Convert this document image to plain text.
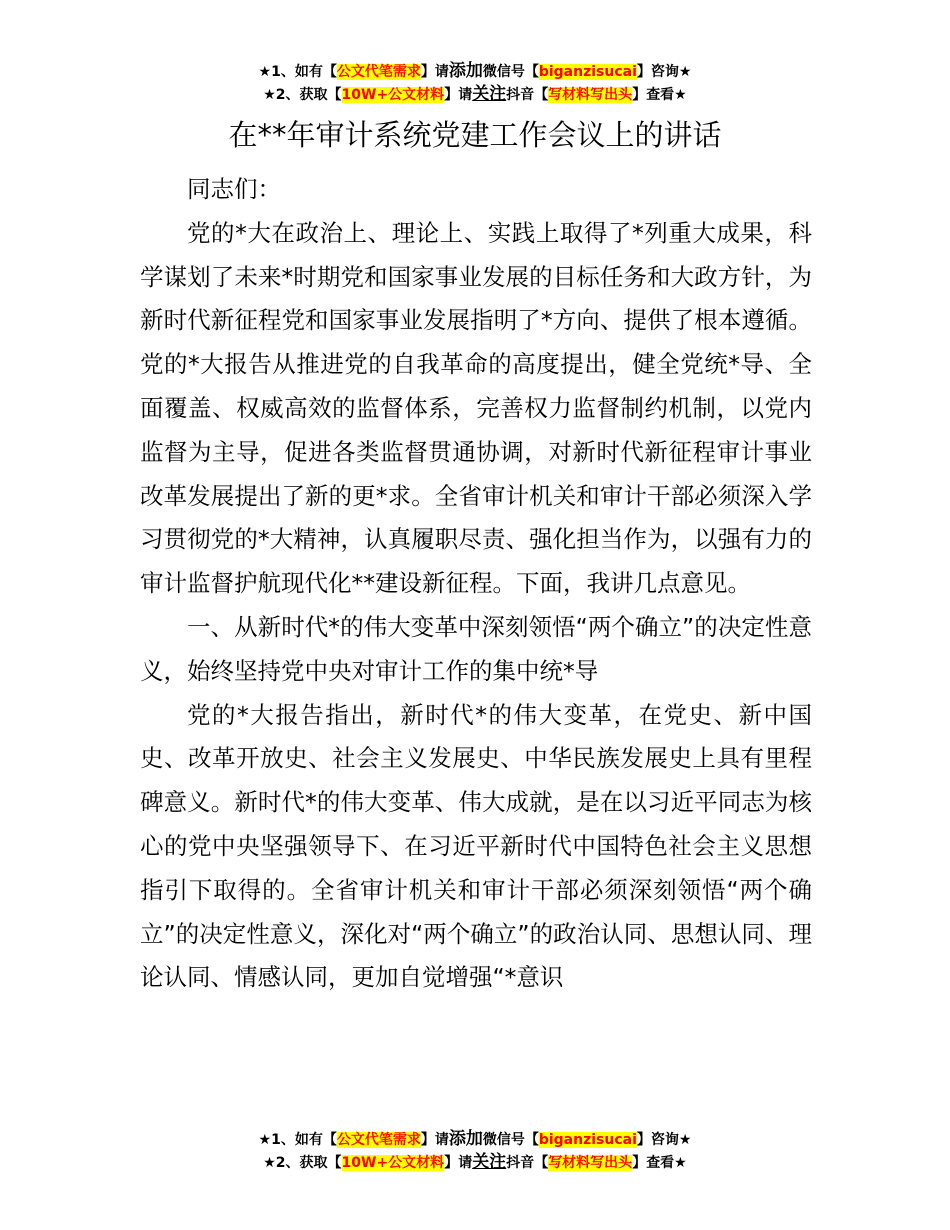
★1、如有【公文代笔需求】请添加微信号【biganzisucai】咨询★
★2、获取【10W+公文材料】请关注抖音【写材料写出头】查看★
在**年审计系统党建工作会议上的讲话

同志们：

党的*大在政治上、理论上、实践上取得了*列重大成果，科学谋划了未来*时期党和国家事业发展的目标任务和大政方针，为新时代新征程党和国家事业发展指明了*方向、提供了根本遵循。党的*大报告从推进党的自我革命的高度提出，健全党统*导、全面覆盖、权威高效的监督体系，完善权力监督制约机制，以党内监督为主导，促进各类监督贯通协调，对新时代新征程审计事业改革发展提出了新的更*求。全省审计机关和审计干部必须深入学习贯彻党的*大精神，认真履职尽责、强化担当作为，以强有力的审计监督护航现代化**建设新征程。下面，我讲几点意见。

一、从新时代*的伟大变革中深刻领悟“两个确立”的决定性意义，始终坚持党中央对审计工作的集中统*导

党的*大报告指出，新时代*的伟大变革，在党史、新中国史、改革开放史、社会主义发展史、中华民族发展史上具有里程碑意义。新时代*的伟大变革、伟大成就，是在以习近平同志为核心的党中央坚强领导下、在习近平新时代中国特色社会主义思想指引下取得的。全省审计机关和审计干部必须深刻领悟“两个确立”的决定性意义，深化对“两个确立”的政治认同、思想认同、理论认同、情感认同，更加自觉增强“*意识

★1、如有【公文代笔需求】请添加微信号【biganzisucai】咨询★
★2、获取【10W+公文材料】请关注抖音【写材料写出头】查看★
